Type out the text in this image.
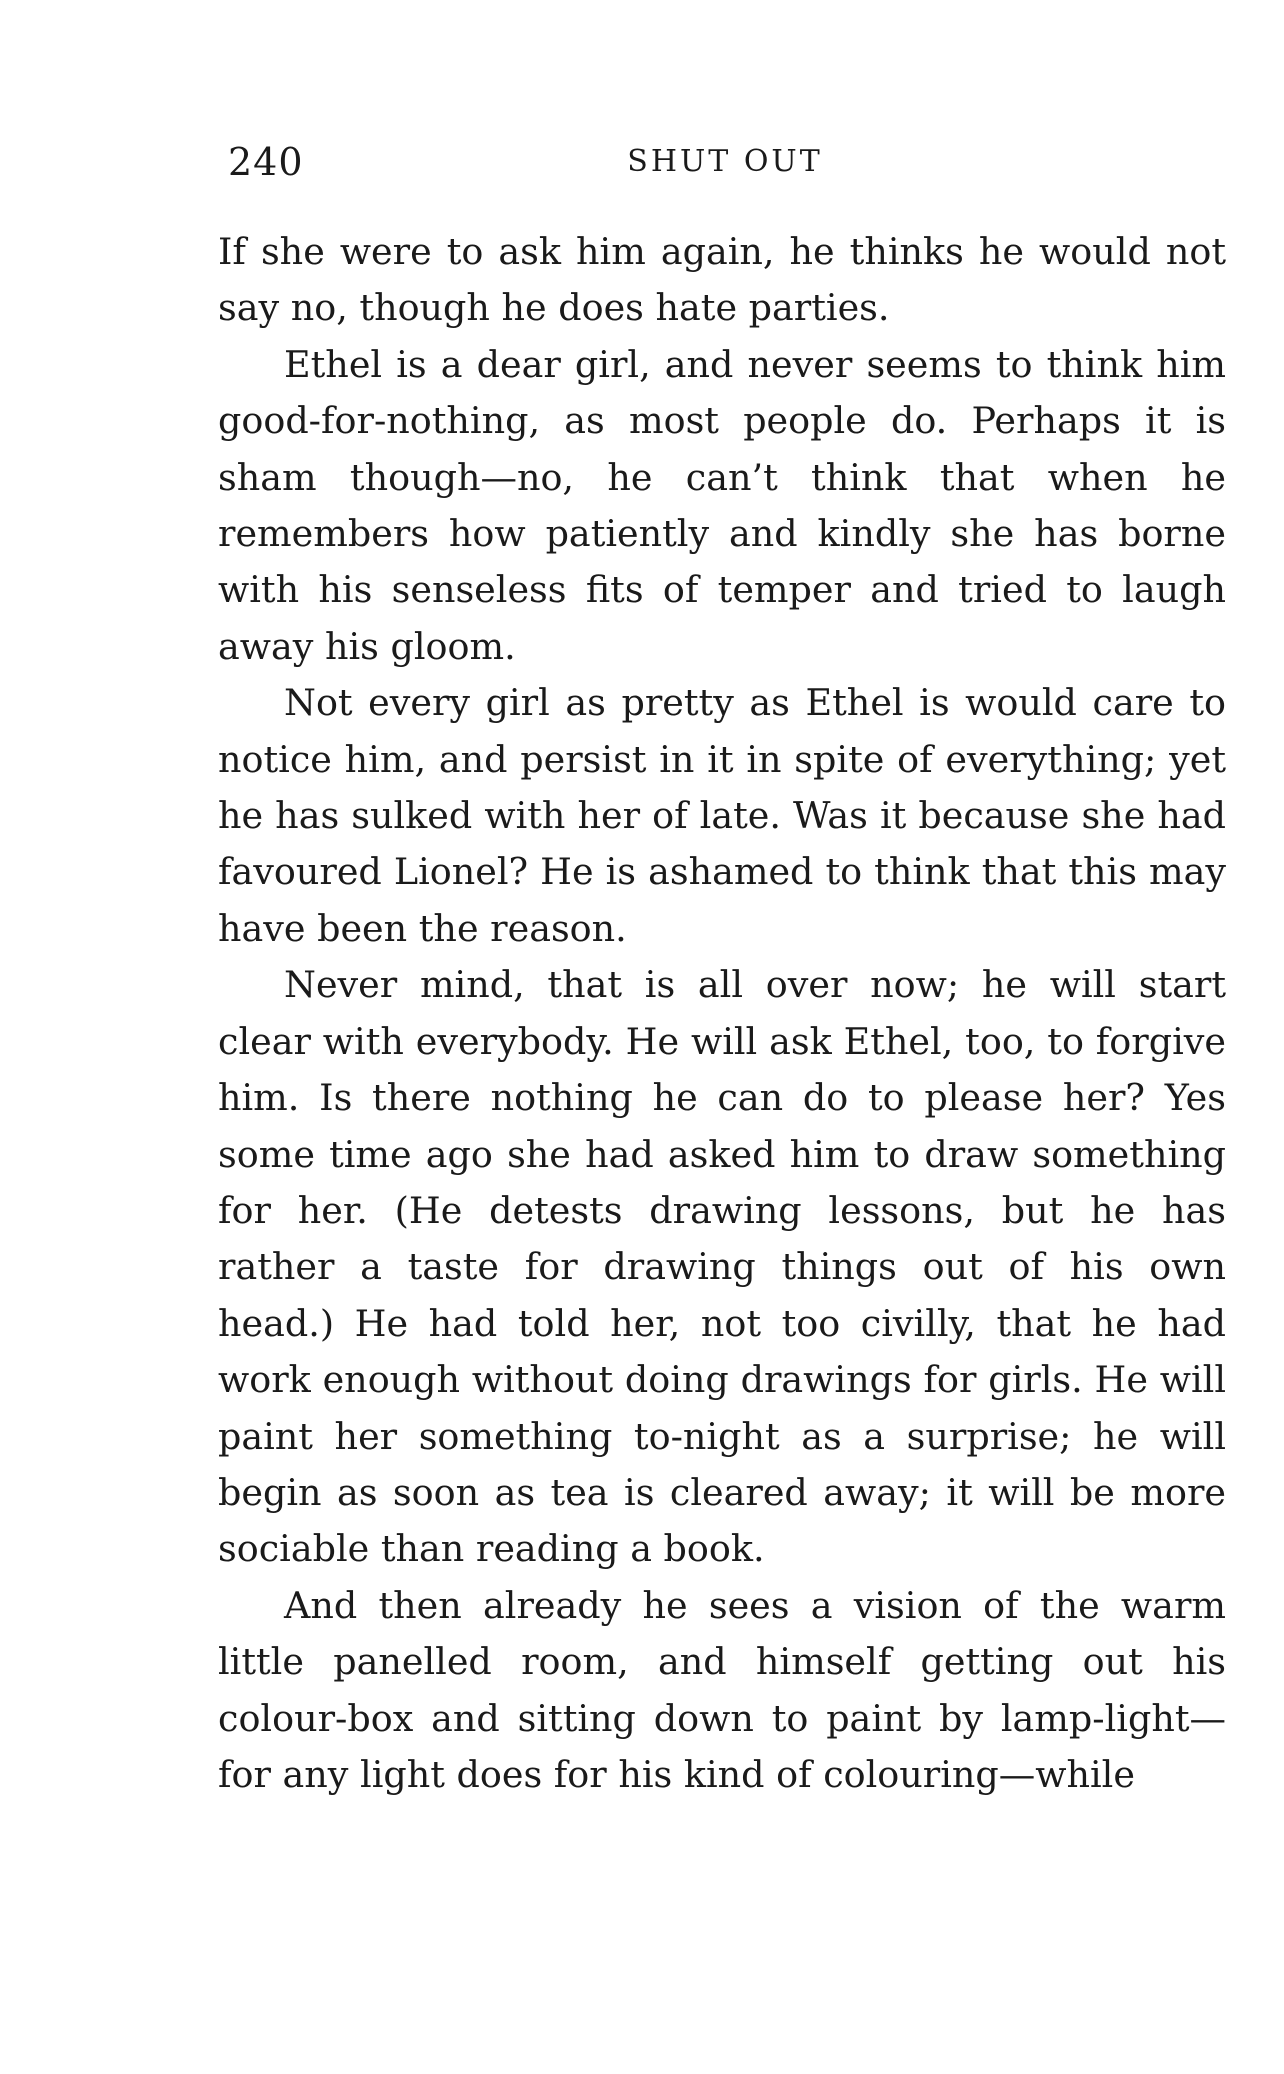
240	SHUT OUT

If she were to ask him again, he thinks he would not say no, though he does hate parties.

Ethel is a dear girl, and never seems to think him good-for-nothing, as most people do. Perhaps it is sham though—no, he can’t think that when he remembers how patiently and kindly she has borne with his senseless fits of temper and tried to laugh away his gloom.

Not every girl as pretty as Ethel is would care to notice him, and persist in it in spite of everything; yet he has sulked with her of late. Was it because she had favoured Lionel? He is ashamed to think that this may have been the reason.

Never mind, that is all over now; he will start clear with everybody. He will ask Ethel, too, to forgive him. Is there nothing he can do to please her? Yes some time ago she had asked him to draw something for her. (He detests drawing lessons, but he has rather a taste for drawing things out of his own head.) He had told her, not too civilly, that he had work enough without doing drawings for girls. He will paint her something to-night as a surprise; he will begin as soon as tea is cleared away; it will be more sociable than reading a book.

And then already he sees a vision of the warm little panelled room, and himself getting out his colour-box and sitting down to paint by lamp-light—for any light does for his kind of colouring—while
